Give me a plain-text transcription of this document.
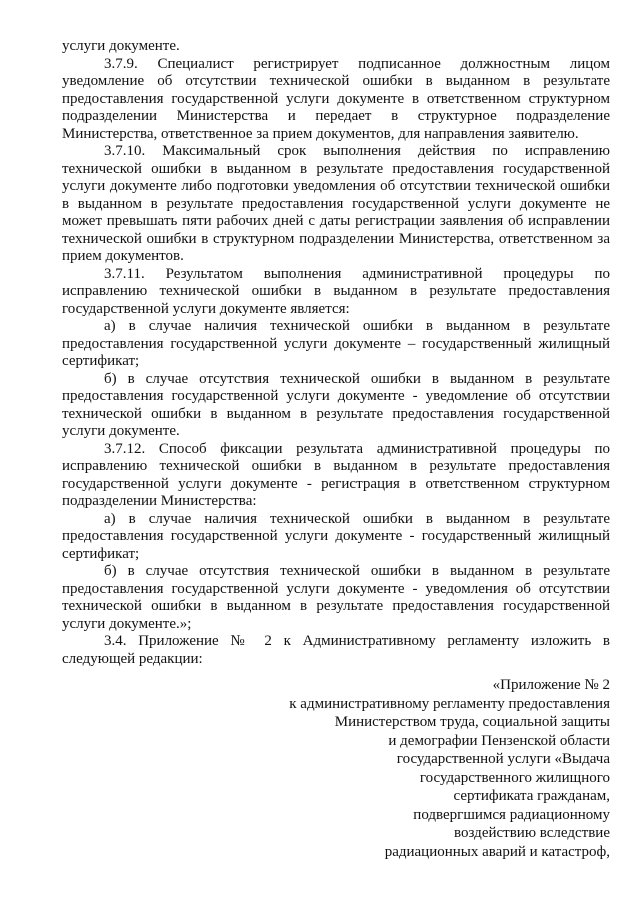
услуги документе.

3.7.9. Специалист регистрирует подписанное должностным лицом уведомление об отсутствии технической ошибки в выданном в результате предоставления государственной услуги документе в ответственном структурном подразделении Министерства и передает в структурное подразделение Министерства, ответственное за прием документов, для направления заявителю.

3.7.10. Максимальный срок выполнения действия по исправлению технической ошибки в выданном в результате предоставления государственной услуги документе либо подготовки уведомления об отсутствии технической ошибки в выданном в результате предоставления государственной услуги документе не может превышать пяти рабочих дней с даты регистрации заявления об исправлении технической ошибки в структурном подразделении Министерства, ответственном за прием документов.

3.7.11. Результатом выполнения административной процедуры по исправлению технической ошибки в выданном в результате предоставления государственной услуги документе является:

а) в случае наличия технической ошибки в выданном в результате предоставления государственной услуги документе – государственный жилищный сертификат;

б) в случае отсутствия технической ошибки в выданном в результате предоставления государственной услуги документе - уведомление об отсутствии технической ошибки в выданном в результате предоставления государственной услуги документе.

3.7.12. Способ фиксации результата административной процедуры по исправлению технической ошибки в выданном в результате предоставления государственной услуги документе - регистрация в ответственном структурном подразделении Министерства:

а) в случае наличия технической ошибки в выданном в результате предоставления государственной услуги документе - государственный жилищный сертификат;

б) в случае отсутствия технической ошибки в выданном в результате предоставления государственной услуги документе - уведомления об отсутствии технической ошибки в выданном в результате предоставления государственной услуги документе.»;

3.4. Приложение № 2 к Административному регламенту изложить в следующей редакции:

«Приложение № 2
к административному регламенту предоставления
Министерством труда, социальной защиты
и демографии Пензенской области
государственной услуги «Выдача
государственного жилищного
сертификата гражданам,
подвергшимся радиационному
воздействию вследствие
радиационных аварий и катастроф,
